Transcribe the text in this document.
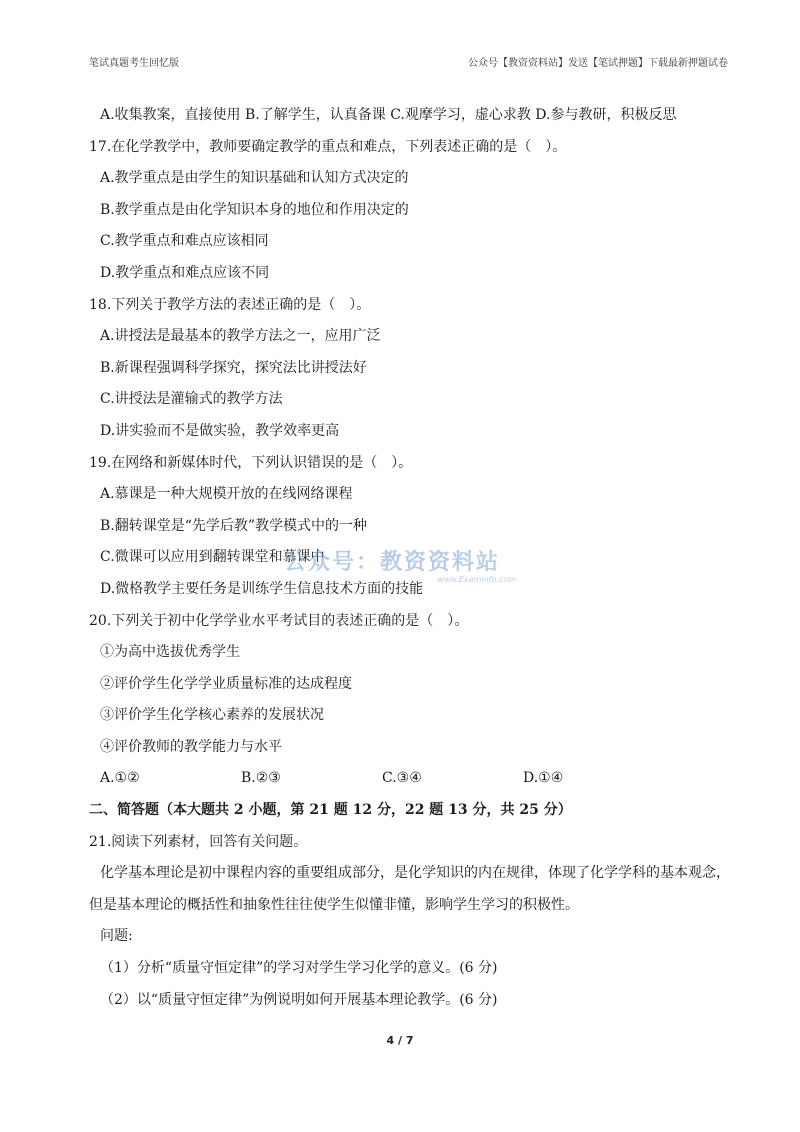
笔试真题考生回忆版	公众号【教资资料站】发送【笔试押题】下载最新押题试卷
A.收集教案，直接使用 B.了解学生，认真备课 C.观摩学习，虚心求教 D.参与教研，积极反思
17.在化学教学中，教师要确定教学的重点和难点，下列表述正确的是（　）。
A.教学重点是由学生的知识基础和认知方式决定的
B.教学重点是由化学知识本身的地位和作用决定的
C.教学重点和难点应该相同
D.教学重点和难点应该不同
18.下列关于教学方法的表述正确的是（　）。
A.讲授法是最基本的教学方法之一，应用广泛
B.新课程强调科学探究，探究法比讲授法好
C.讲授法是灌输式的教学方法
D.讲实验而不是做实验，教学效率更高
19.在网络和新媒体时代，下列认识错误的是（　）。
A.慕课是一种大规模开放的在线网络课程
B.翻转课堂是“先学后教”教学模式中的一种
C.微课可以应用到翻转课堂和慕课中
D.微格教学主要任务是训练学生信息技术方面的技能
20.下列关于初中化学学业水平考试目的表述正确的是（　）。
①为高中选拔优秀学生
②评价学生化学学业质量标准的达成程度
③评价学生化学核心素养的发展状况
④评价教师的教学能力与水平
A.①②	B.②③	C.③④	D.①④
二、简答题（本大题共 2 小题，第 21 题 12 分，22 题 13 分，共 25 分）
21.阅读下列素材，回答有关问题。
化学基本理论是初中课程内容的重要组成部分，是化学知识的内在规律，体现了化学学科的基本观念，
但是基本理论的概括性和抽象性往往使学生似懂非懂，影响学生学习的积极性。
问题:
（1）分析“质量守恒定律”的学习对学生学习化学的意义。(6 分)
（2）以“质量守恒定律”为例说明如何开展基本理论教学。(6 分)
公众号：教资资料站
www.Examinfo.com
4 / 7
